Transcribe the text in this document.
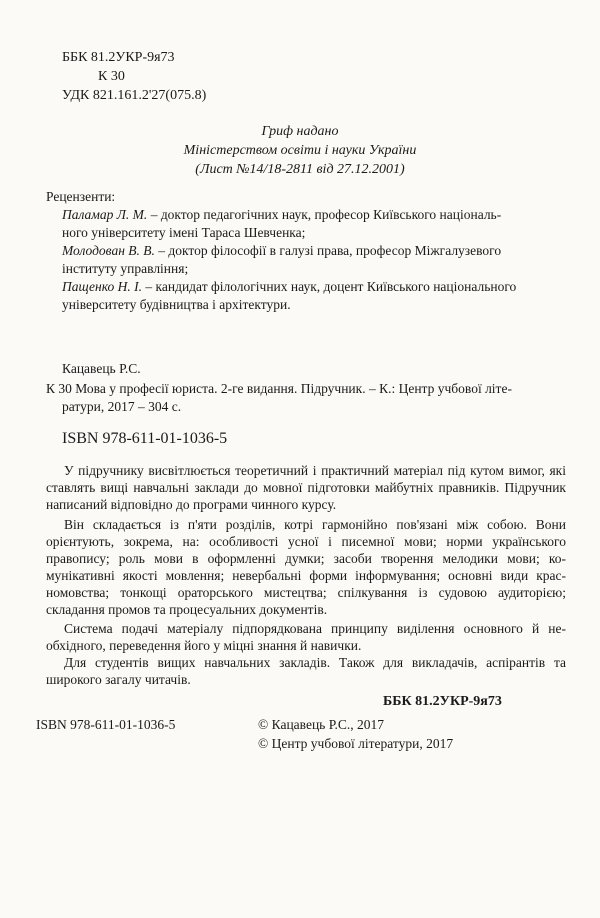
ББК 81.2УКР-9я73
К 30
УДК 821.161.2'27(075.8)
Гриф надано
Міністерством освіти і науки України
(Лист №14/18-2811 від 27.12.2001)
Рецензенти:
Паламар Л. М. – доктор педагогічних наук, професор Київського національ-
ного університету імені Тараса Шевченка;
Молодован В. В. – доктор філософії в галузі права, професор Міжгалузевого
інституту управління;
Пащенко Н. І. – кандидат філологічних наук, доцент Київського національного
університету будівництва і архітектури.
Кацавець Р.С.
К 30 Мова у професії юриста. 2-ге видання. Підручник. – К.: Центр учбової літе-
ратури, 2017 – 304 с.
ISBN 978-611-01-1036-5
У підручнику висвітлюється теоретичний і практичний матеріал під кутом вимог, які ставлять вищі навчальні заклади до мовної підготовки майбутніх правників. Підручник написаний відповідно до програми чинного курсу.
Він складається із п'яти розділів, котрі гармонійно пов'язані між собою. Вони орієнтують, зокрема, на: особливості усної і писемної мови; норми українського правопису; роль мови в оформленні думки; засоби творення мелодики мови; комунікативні якості мовлення; невербальні форми інформування; основні види красномовства; тонкощі ораторського мистецтва; спілкування із судовою аудиторією; складання промов та процесуальних документів.
Система подачі матеріалу підпорядкована принципу виділення основного й необхідного, переведення його у міцні знання й навички.
Для студентів вищих навчальних закладів. Також для викладачів, аспірантів та широкого загалу читачів.
ББК 81.2УКР-9я73
ISBN 978-611-01-1036-5	© Кацавець Р.С., 2017
© Центр учбової літератури, 2017
